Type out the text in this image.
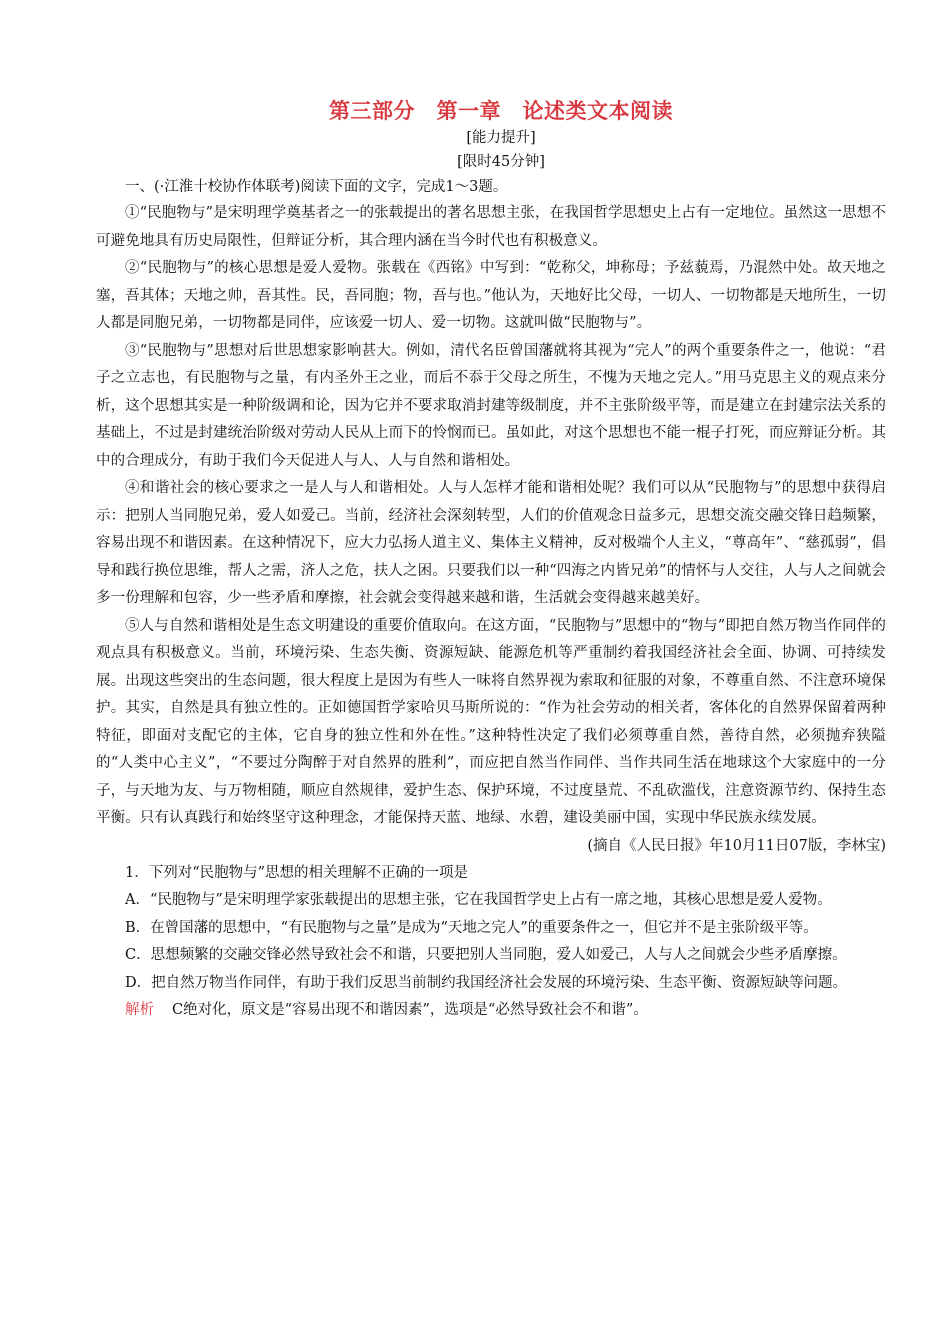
第三部分　第一章　论述类文本阅读

[能力提升]

[限时45分钟]

一、(·江淮十校协作体联考)阅读下面的文字，完成1～3题。

①“民胞物与”是宋明理学奠基者之一的张载提出的著名思想主张，在我国哲学思想史上占有一定地位。虽然这一思想不可避免地具有历史局限性，但辩证分析，其合理内涵在当今时代也有积极意义。

②“民胞物与”的核心思想是爱人爱物。张载在《西铭》中写到：“乾称父，坤称母；予兹藐焉，乃混然中处。故天地之塞，吾其体；天地之帅，吾其性。民，吾同胞；物，吾与也。”他认为，天地好比父母，一切人、一切物都是天地所生，一切人都是同胞兄弟，一切物都是同伴，应该爱一切人、爱一切物。这就叫做“民胞物与”。

③“民胞物与”思想对后世思想家影响甚大。例如，清代名臣曾国藩就将其视为“完人”的两个重要条件之一，他说：“君子之立志也，有民胞物与之量，有内圣外王之业，而后不忝于父母之所生，不愧为天地之完人。”用马克思主义的观点来分析，这个思想其实是一种阶级调和论，因为它并不要求取消封建等级制度，并不主张阶级平等，而是建立在封建宗法关系的基础上，不过是封建统治阶级对劳动人民从上而下的怜悯而已。虽如此，对这个思想也不能一棍子打死，而应辩证分析。其中的合理成分，有助于我们今天促进人与人、人与自然和谐相处。

④和谐社会的核心要求之一是人与人和谐相处。人与人怎样才能和谐相处呢？我们可以从“民胞物与”的思想中获得启示：把别人当同胞兄弟，爱人如爱己。当前，经济社会深刻转型，人们的价值观念日益多元，思想交流交融交锋日趋频繁，容易出现不和谐因素。在这种情况下，应大力弘扬人道主义、集体主义精神，反对极端个人主义，“尊高年”、“慈孤弱”，倡导和践行换位思维，帮人之需，济人之危，扶人之困。只要我们以一种“四海之内皆兄弟”的情怀与人交往，人与人之间就会多一份理解和包容，少一些矛盾和摩擦，社会就会变得越来越和谐，生活就会变得越来越美好。

⑤人与自然和谐相处是生态文明建设的重要价值取向。在这方面，“民胞物与”思想中的“物与”即把自然万物当作同伴的观点具有积极意义。当前，环境污染、生态失衡、资源短缺、能源危机等严重制约着我国经济社会全面、协调、可持续发展。出现这些突出的生态问题，很大程度上是因为有些人一味将自然界视为索取和征服的对象，不尊重自然、不注意环境保护。其实，自然是具有独立性的。正如德国哲学家哈贝马斯所说的：“作为社会劳动的相关者，客体化的自然界保留着两种特征，即面对支配它的主体，它自身的独立性和外在性。”这种特性决定了我们必须尊重自然，善待自然，必须抛弃狭隘的“人类中心主义”，“不要过分陶醉于对自然界的胜利”，而应把自然当作同伴、当作共同生活在地球这个大家庭中的一分子，与天地为友、与万物相随，顺应自然规律，爱护生态、保护环境，不过度垦荒、不乱砍滥伐，注意资源节约、保持生态平衡。只有认真践行和始终坚守这种理念，才能保持天蓝、地绿、水碧，建设美丽中国，实现中华民族永续发展。

(摘自《人民日报》年10月11日07版，李林宝)

1．下列对“民胞物与”思想的相关理解不正确的一项是

A．“民胞物与”是宋明理学家张载提出的思想主张，它在我国哲学史上占有一席之地，其核心思想是爱人爱物。

B．在曾国藩的思想中，“有民胞物与之量”是成为“天地之完人”的重要条件之一，但它并不是主张阶级平等。

C．思想频繁的交融交锋必然导致社会不和谐，只要把别人当同胞，爱人如爱己，人与人之间就会少些矛盾摩擦。

D．把自然万物当作同伴，有助于我们反思当前制约我国经济社会发展的环境污染、生态平衡、资源短缺等问题。

解析 C绝对化，原文是“容易出现不和谐因素”，选项是“必然导致社会不和谐”。
